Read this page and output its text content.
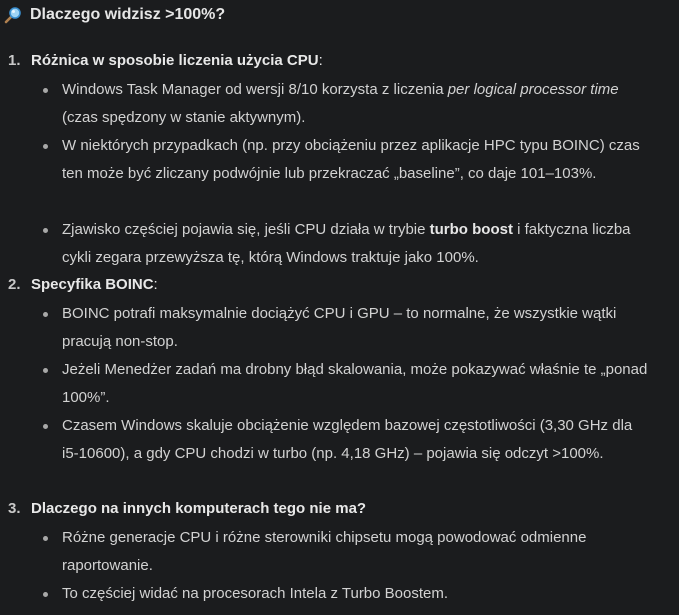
Dlaczego widzisz >100%?
1. Różnica w sposobie liczenia użycia CPU:
Windows Task Manager od wersji 8/10 korzysta z liczenia per logical processor time (czas spędzony w stanie aktywnym).
W niektórych przypadkach (np. przy obciążeniu przez aplikacje HPC typu BOINC) czas ten może być zliczany podwójnie lub przekraczać „baseline”, co daje 101–103%.
Zjawisko częściej pojawia się, jeśli CPU działa w trybie turbo boost i faktyczna liczba cykli zegara przewyższa tę, którą Windows traktuje jako 100%.
2. Specyfika BOINC:
BOINC potrafi maksymalnie dociążyć CPU i GPU – to normalne, że wszystkie wątki pracują non-stop.
Jeżeli Menedżer zadań ma drobny błąd skalowania, może pokazywać właśnie te „ponad 100%”.
Czasem Windows skaluje obciążenie względem bazowej częstotliwości (3,30 GHz dla i5-10600), a gdy CPU chodzi w turbo (np. 4,18 GHz) – pojawia się odczyt >100%.
3. Dlaczego na innych komputerach tego nie ma?
Różne generacje CPU i różne sterowniki chipsetu mogą powodować odmienne raportowanie.
To częściej widać na procesorach Intela z Turbo Boostem.
